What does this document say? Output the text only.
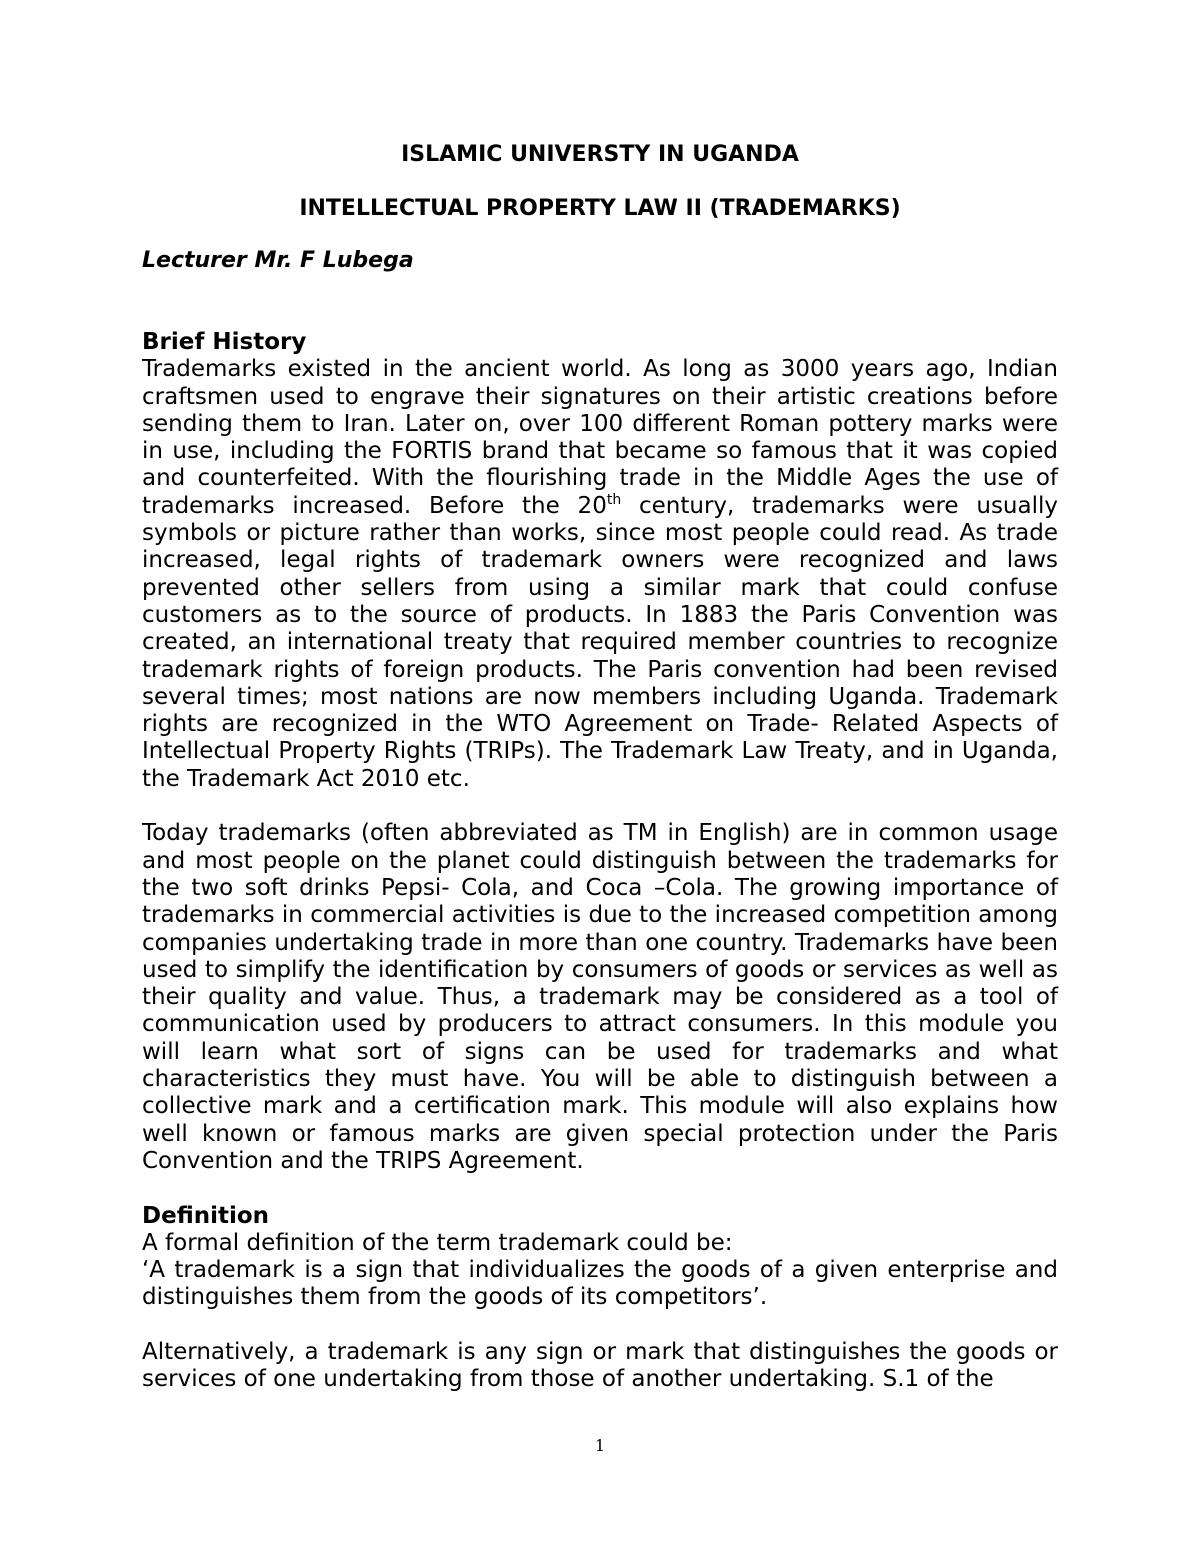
ISLAMIC UNIVERSTY IN UGANDA
INTELLECTUAL PROPERTY LAW II (TRADEMARKS)

Lecturer Mr. F Lubega

Brief History

Trademarks existed in the ancient world. As long as 3000 years ago, Indian craftsmen used to engrave their signatures on their artistic creations before sending them to Iran. Later on, over 100 different Roman pottery marks were in use, including the FORTIS brand that became so famous that it was copied and counterfeited. With the flourishing trade in the Middle Ages the use of trademarks increased. Before the 20th century, trademarks were usually symbols or picture rather than works, since most people could read. As trade increased, legal rights of trademark owners were recognized and laws prevented other sellers from using a similar mark that could confuse customers as to the source of products. In 1883 the Paris Convention was created, an international treaty that required member countries to recognize trademark rights of foreign products. The Paris convention had been revised several times; most nations are now members including Uganda. Trademark rights are recognized in the WTO Agreement on Trade- Related Aspects of Intellectual Property Rights (TRIPs). The Trademark Law Treaty, and in Uganda, the Trademark Act 2010 etc.

Today trademarks (often abbreviated as TM in English) are in common usage and most people on the planet could distinguish between the trademarks for the two soft drinks Pepsi- Cola, and Coca –Cola. The growing importance of trademarks in commercial activities is due to the increased competition among companies undertaking trade in more than one country. Trademarks have been used to simplify the identification by consumers of goods or services as well as their quality and value. Thus, a trademark may be considered as a tool of communication used by producers to attract consumers. In this module you will learn what sort of signs can be used for trademarks and what characteristics they must have. You will be able to distinguish between a collective mark and a certification mark. This module will also explains how well known or famous marks are given special protection under the Paris Convention and the TRIPS Agreement.

Definition

A formal definition of the term trademark could be:

‘A trademark is a sign that individualizes the goods of a given enterprise and distinguishes them from the goods of its competitors’.

Alternatively, a trademark is any sign or mark that distinguishes the goods or services of one undertaking from those of another undertaking. S.1 of the

1
